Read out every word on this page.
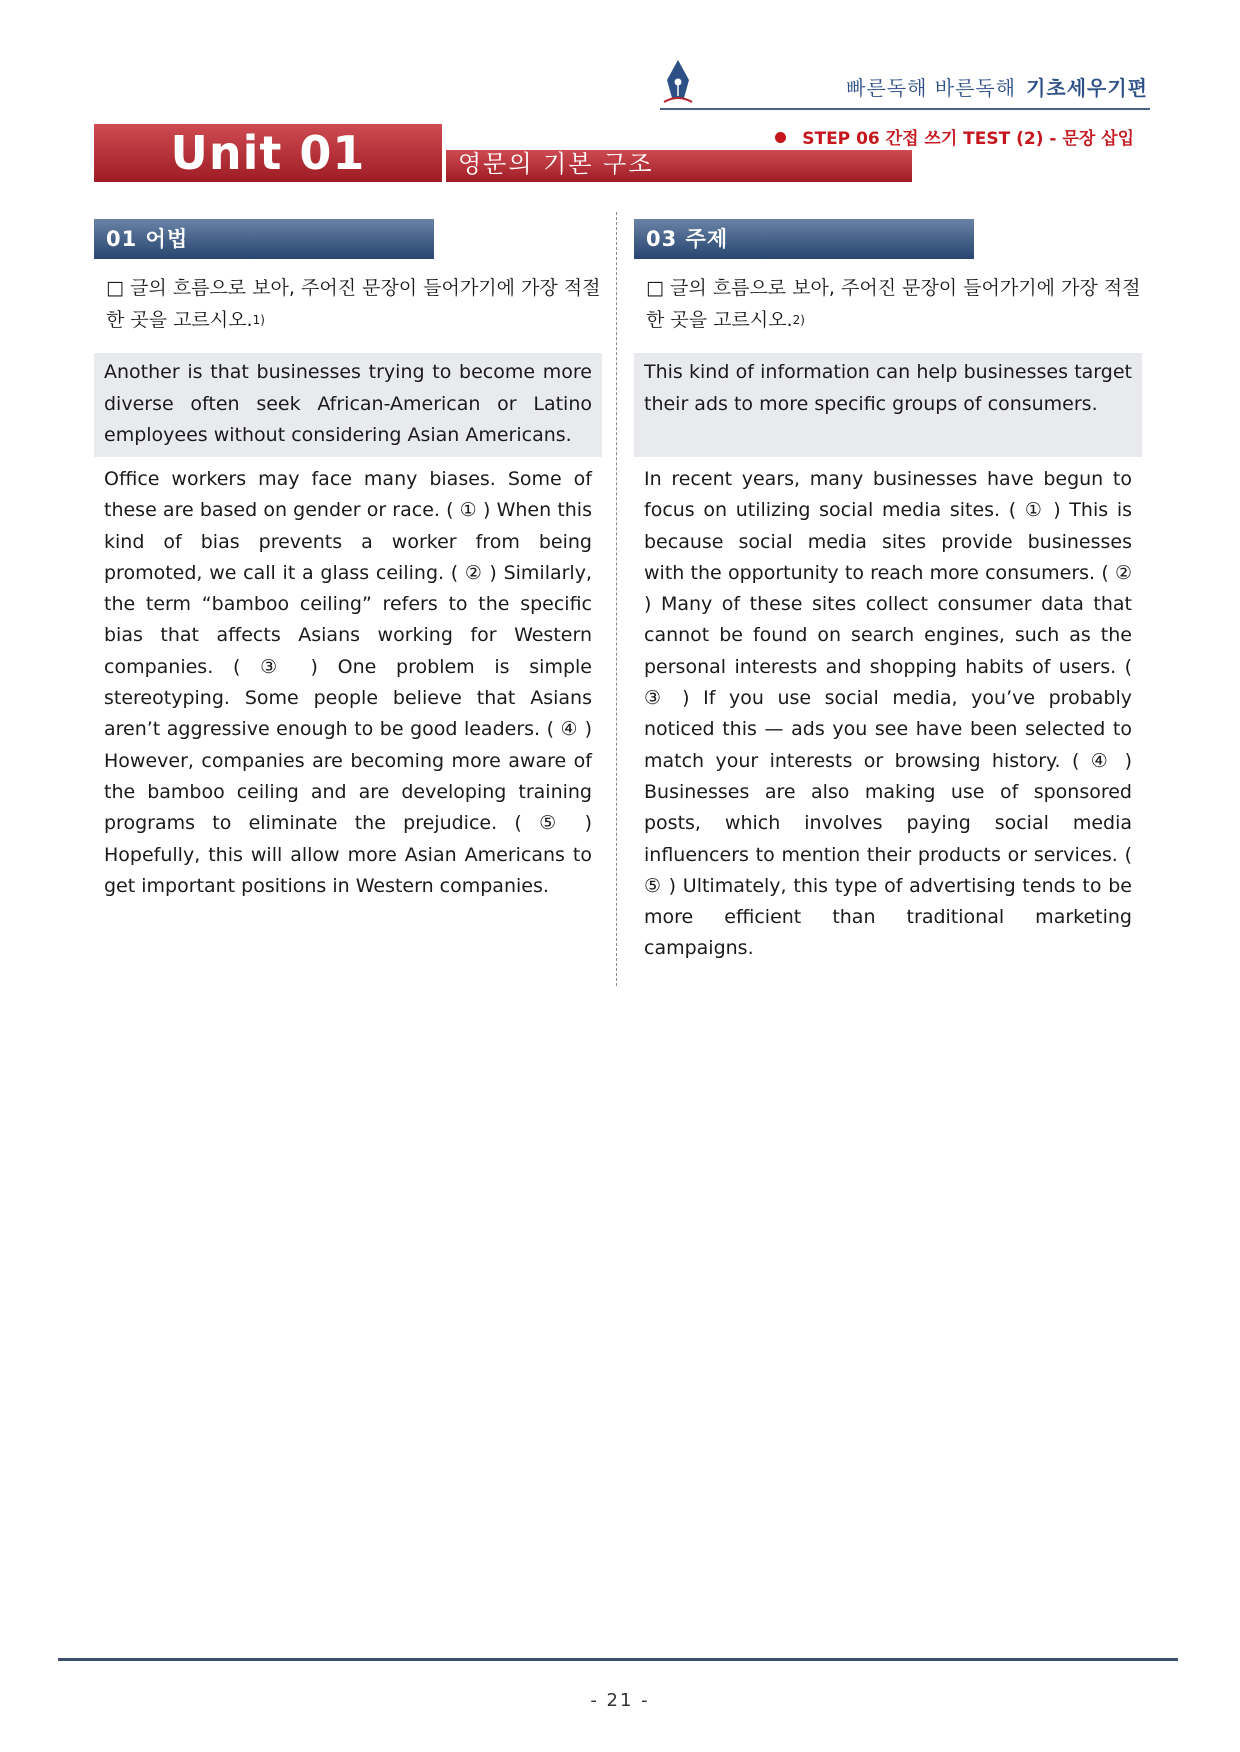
빠른독해 바른독해 기초세우기편
Unit 01	영문의 기본 구조
STEP 06 간접 쓰기 TEST (2) - 문장 삽입
01 어법
□ 글의 흐름으로 보아, 주어진 문장이 들어가기에 가장 적절한 곳을 고르시오.$^{1)}$
Another is that businesses trying to become more diverse often seek African-American or Latino employees without considering Asian Americans.
Office workers may face many biases. Some of these are based on gender or race. ( ① ) When this kind of bias prevents a worker from being promoted, we call it a glass ceiling. ( ② ) Similarly, the term “bamboo ceiling” refers to the specific bias that affects Asians working for Western companies. ( ③ ) One problem is simple stereotyping. Some people believe that Asians aren’t aggressive enough to be good leaders. ( ④ ) However, companies are becoming more aware of the bamboo ceiling and are developing training programs to eliminate the prejudice. ( ⑤ ) Hopefully, this will allow more Asian Americans to get important positions in Western companies.
03 주제
□ 글의 흐름으로 보아, 주어진 문장이 들어가기에 가장 적절한 곳을 고르시오.$^{2)}$
This kind of information can help businesses target their ads to more specific groups of consumers.
In recent years, many businesses have begun to focus on utilizing social media sites. ( ① ) This is because social media sites provide businesses with the opportunity to reach more consumers. ( ② ) Many of these sites collect consumer data that cannot be found on search engines, such as the personal interests and shopping habits of users. ( ③ ) If you use social media, you’ve probably noticed this — ads you see have been selected to match your interests or browsing history. ( ④ ) Businesses are also making use of sponsored posts, which involves paying social media influencers to mention their products or services. ( ⑤ ) Ultimately, this type of advertising tends to be more efficient than traditional marketing campaigns.
- 21 -
